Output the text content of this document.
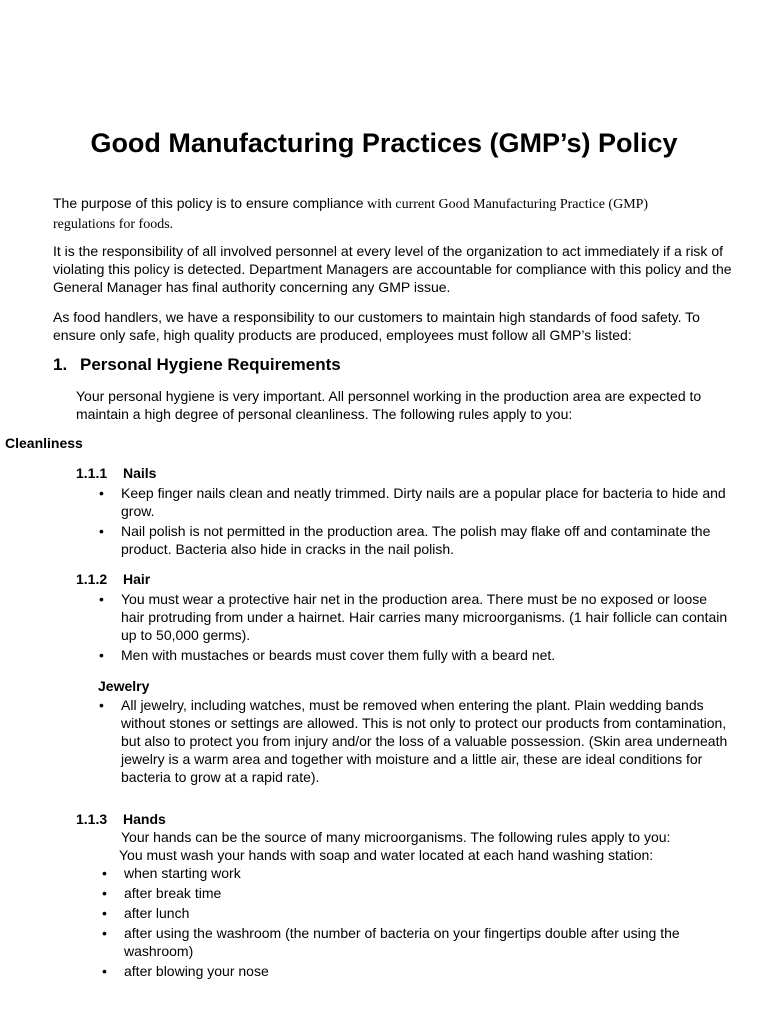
Good Manufacturing Practices (GMP’s) Policy

The purpose of this policy is to ensure compliance with current Good Manufacturing Practice (GMP)
regulations for foods.

It is the responsibility of all involved personnel at every level of the organization to act immediately if a risk of violating this policy is detected. Department Managers are accountable for compliance with this policy and the General Manager has final authority concerning any GMP issue.

As food handlers, we have a responsibility to our customers to maintain high standards of food safety. To ensure only safe, high quality products are produced, employees must follow all GMP’s listed:

1. Personal Hygiene Requirements

Your personal hygiene is very important. All personnel working in the production area are expected to maintain a high degree of personal cleanliness. The following rules apply to you:

Cleanliness

1.1.1 Nails

• Keep finger nails clean and neatly trimmed. Dirty nails are a popular place for bacteria to hide and grow.
• Nail polish is not permitted in the production area. The polish may flake off and contaminate the product. Bacteria also hide in cracks in the nail polish.

1.1.2 Hair

• You must wear a protective hair net in the production area. There must be no exposed or loose hair protruding from under a hairnet. Hair carries many microorganisms. (1 hair follicle can contain up to 50,000 germs).
• Men with mustaches or beards must cover them fully with a beard net.

Jewelry

• All jewelry, including watches, must be removed when entering the plant. Plain wedding bands without stones or settings are allowed. This is not only to protect our products from contamination, but also to protect you from injury and/or the loss of a valuable possession. (Skin area underneath jewelry is a warm area and together with moisture and a little air, these are ideal conditions for bacteria to grow at a rapid rate).

1.1.3 Hands

Your hands can be the source of many microorganisms. The following rules apply to you:

You must wash your hands with soap and water located at each hand washing station:

• when starting work
• after break time
• after lunch
• after using the washroom (the number of bacteria on your fingertips double after using the washroom)
• after blowing your nose
